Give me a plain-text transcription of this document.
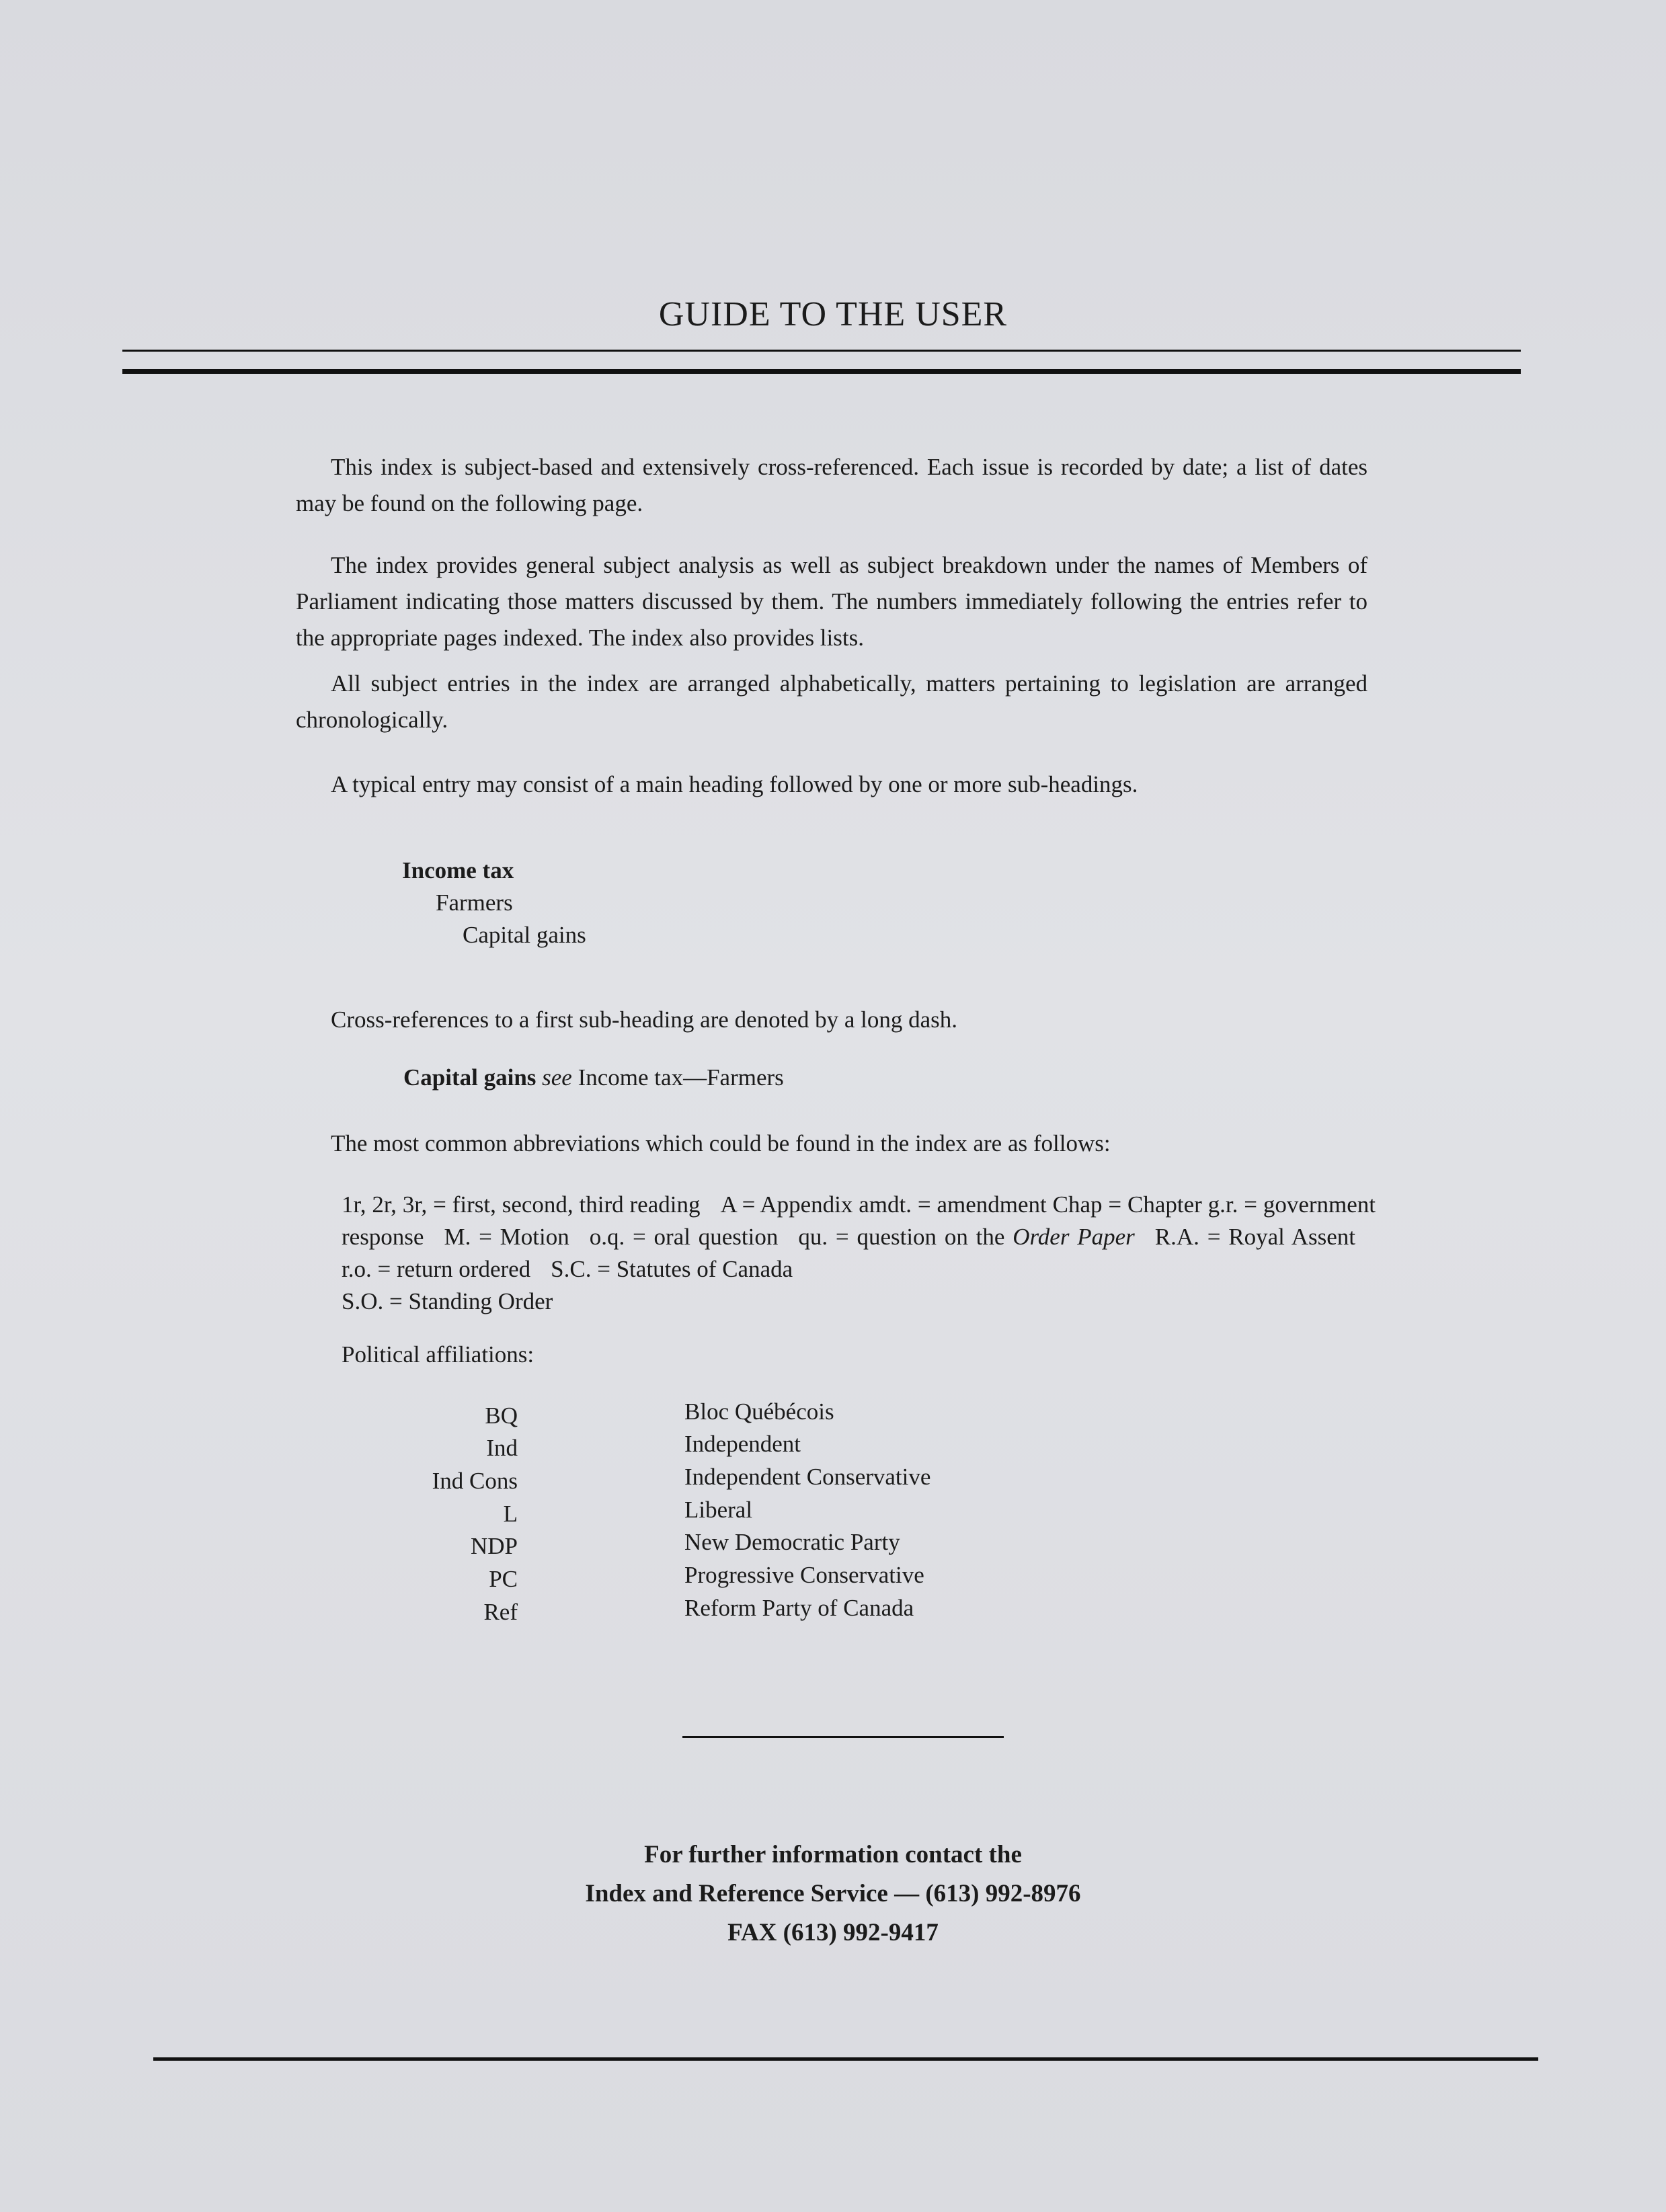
GUIDE TO THE USER

This index is subject-based and extensively cross-referenced. Each issue is recorded by date; a list of dates may be found on the following page.

The index provides general subject analysis as well as subject breakdown under the names of Members of Parliament indicating those matters discussed by them. The numbers immediately following the entries refer to the appropriate pages indexed. The index also provides lists.

All subject entries in the index are arranged alphabetically, matters pertaining to legislation are arranged chronologically.

A typical entry may consist of a main heading followed by one or more sub-headings.

Income tax
Farmers
Capital gains

Cross-references to a first sub-heading are denoted by a long dash.

Capital gains see Income tax—Farmers

The most common abbreviations which could be found in the index are as follows:

1r, 2r, 3r, = first, second, third reading A = Appendix amdt. = amendment Chap = Chapter g.r. = government response M. = Motion o.q. = oral question qu. = question on the Order Paper R.A. = Royal Assentr.o. = return ordered S.C. = Statutes of Canada
S.O. = Standing Order

Political affiliations:
BQ	Bloc Québécois
Ind	Independent
Ind Cons	Independent Conservative
L	Liberal
NDP	New Democratic Party
PC	Progressive Conservative
Ref	Reform Party of Canada
For further information contact the
Index and Reference Service — (613) 992-8976
FAX (613) 992-9417
